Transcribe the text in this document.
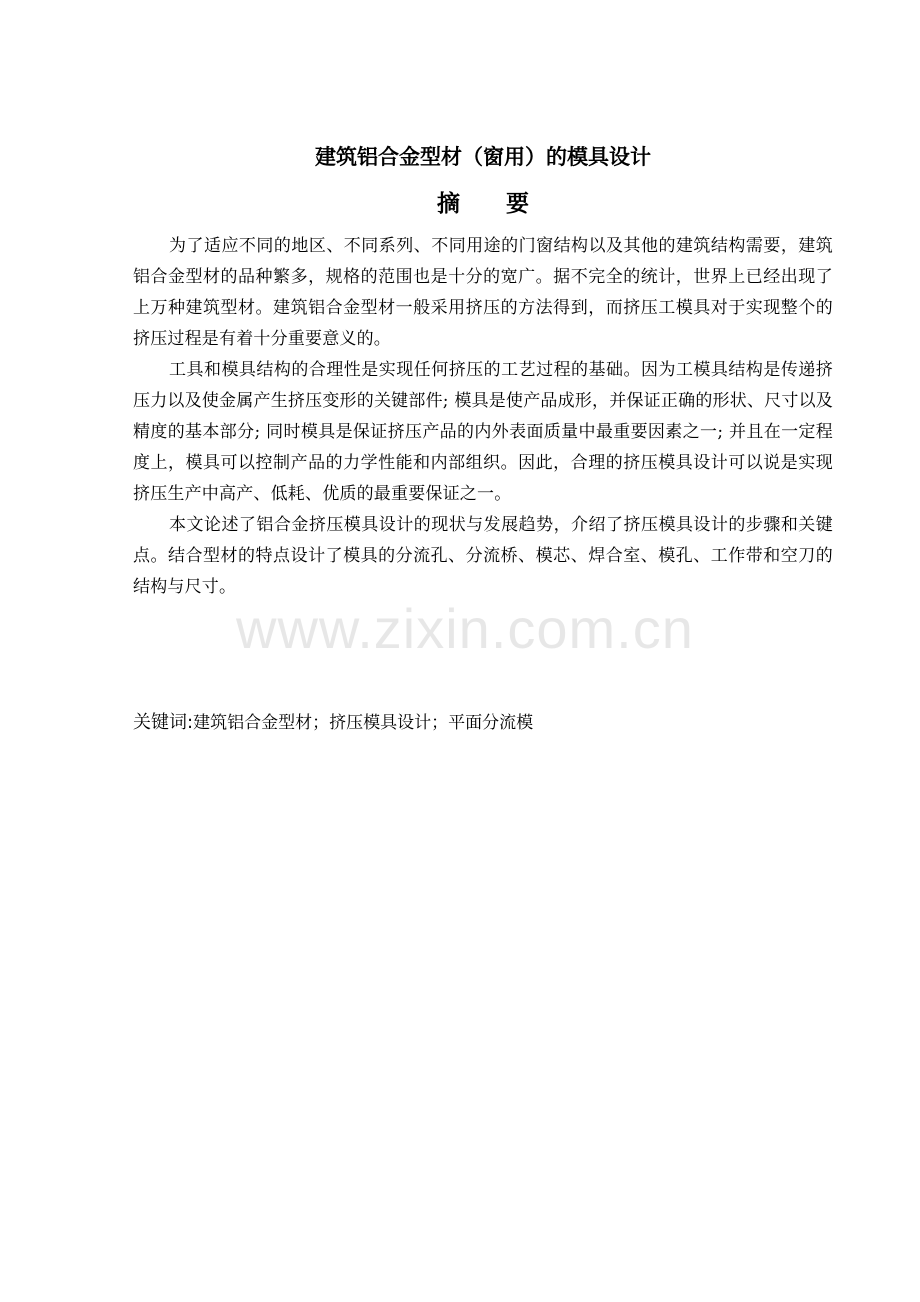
建筑铝合金型材（窗用）的模具设计
摘 要

为了适应不同的地区、不同系列、不同用途的门窗结构以及其他的建筑结构需要，建筑铝合金型材的品种繁多，规格的范围也是十分的宽广。据不完全的统计，世界上已经出现了上万种建筑型材。建筑铝合金型材一般采用挤压的方法得到，而挤压工模具对于实现整个的挤压过程是有着十分重要意义的。

工具和模具结构的合理性是实现任何挤压的工艺过程的基础。因为工模具结构是传递挤压力以及使金属产生挤压变形的关键部件; 模具是使产品成形，并保证正确的形状、尺寸以及精度的基本部分; 同时模具是保证挤压产品的内外表面质量中最重要因素之一; 并且在一定程度上，模具可以控制产品的力学性能和内部组织。因此，合理的挤压模具设计可以说是实现挤压生产中高产、低耗、优质的最重要保证之一。

本文论述了铝合金挤压模具设计的现状与发展趋势，介绍了挤压模具设计的步骤和关键点。结合型材的特点设计了模具的分流孔、分流桥、模芯、焊合室、模孔、工作带和空刀的结构与尺寸。

关键词:建筑铝合金型材；挤压模具设计；平面分流模

www.zixin.com.cn
